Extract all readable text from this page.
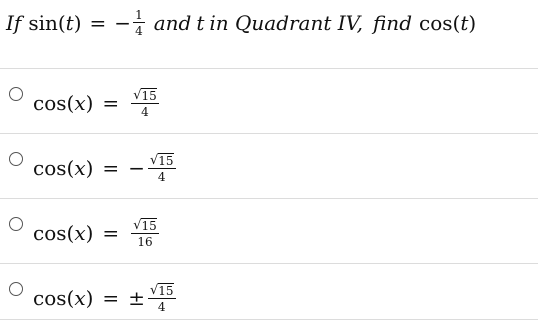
If sin ( t ) = − $\frac{1}{4}$ and t in Quadrant IV, find cos ( t )
cos ( x ) = $\frac{√ 15}{4}$
cos ( x ) = − $\frac{√ 15}{4}$
cos ( x ) = $\frac{√ 15}{16}$
cos ( x ) = ± $\frac{√ 15}{4}$
